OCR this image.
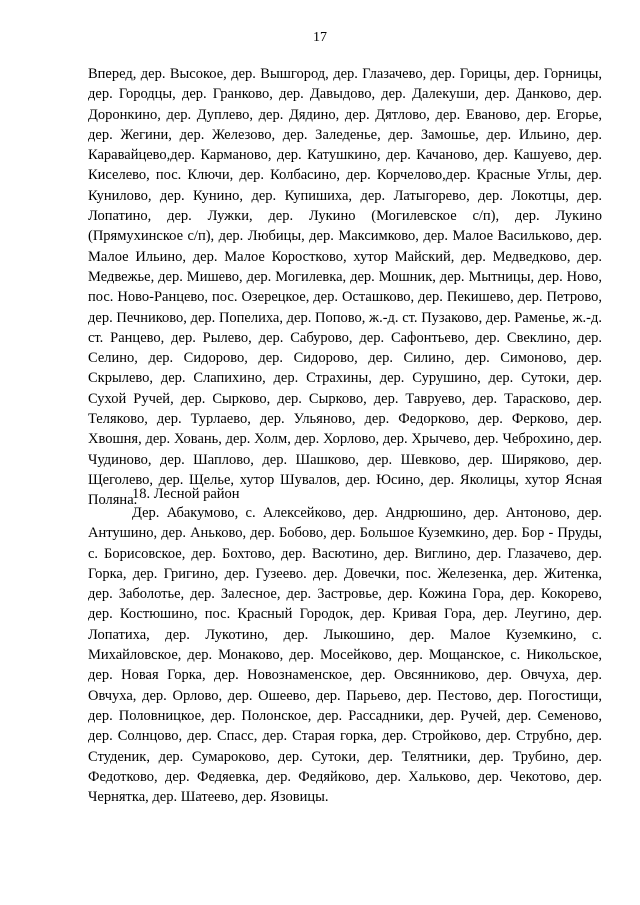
17

Вперед, дер. Высокое, дер. Вышгород, дер. Глазачево, дер. Горицы, дер. Горницы, дер. Городцы, дер. Гранково, дер. Давыдово, дер. Далекуши, дер. Данково, дер. Доронкино, дер. Дуплево, дер. Дядино, дер. Дятлово, дер. Еваново, дер. Егорье, дер. Жегини, дер. Железово, дер. Заледенье, дер. Замошье, дер. Ильино, дер. Каравайцево,дер. Карманово, дер. Катушкино, дер. Качаново, дер. Кашуево, дер. Киселево, пос. Ключи, дер. Колбасино, дер. Корчелово,дер. Красные Углы, дер. Кунилово, дер. Кунино, дер. Купишиха, дер. Латыгорево, дер. Локотцы, дер. Лопатино, дер. Лужки, дер. Лукино (Могилевское с/п), дер. Лукино (Прямухинское с/п), дер. Любицы, дер. Максимково, дер. Малое Васильково, дер. Малое Ильино, дер. Малое Коростково, хутор Майский, дер. Медведково, дер. Медвежье, дер. Мишево, дер. Могилевка, дер. Мошник, дер. Мытницы, дер. Ново, пос. Ново-Ранцево, пос. Озерецкое, дер. Осташково, дер. Пекишево, дер. Петрово, дер. Печниково, дер. Попелиха, дер. Попово, ж.-д. ст. Пузаково, дер. Раменье, ж.-д. ст. Ранцево, дер. Рылево, дер. Сабурово, дер. Сафонтьево, дер. Свеклино, дер. Селино, дер. Сидорово, дер. Сидорово, дер. Силино, дер. Симоново, дер. Скрылево, дер. Слапихино, дер. Страхины, дер. Сурушино, дер. Сутоки, дер. Сухой Ручей, дер. Сырково, дер. Сырково, дер. Тавруево, дер. Тарасково, дер. Теляково, дер. Турлаево, дер. Ульяново, дер. Федорково, дер. Ферково, дер. Хвошня, дер. Ховань, дер. Холм, дер. Хорлово, дер. Хрычево, дер. Чеброхино, дер. Чудиново, дер. Шаплово, дер. Шашково, дер. Шевково, дер. Ширяково, дер. Щеголево, дер. Щелье, хутор Шувалов, дер. Юсино, дер. Яколицы, хутор Ясная Поляна.

18. Лесной район

Дер. Абакумово, с. Алексейково, дер. Андрюшино, дер. Антоново, дер. Антушино, дер. Аньково, дер. Бобово, дер. Большое Куземкино, дер. Бор - Пруды, с. Борисовское, дер. Бохтово, дер. Васютино, дер. Виглино, дер. Глазачево, дер. Горка, дер. Григино, дер. Гузеево. дер. Довечки, пос. Железенка, дер. Житенка, дер. Заболотье, дер. Залесное, дер. Застровье, дер. Кожина Гора, дер. Кокорево, дер. Костюшино, пос. Красный Городок, дер. Кривая Гора, дер. Леугино, дер. Лопатиха, дер. Лукотино, дер. Лыкошино, дер. Малое Куземкино, с. Михайловское, дер. Монаково, дер. Мосейково, дер. Мощанское, с. Никольское, дер. Новая Горка, дер. Новознаменское, дер. Овсянниково, дер. Овчуха, дер. Овчуха, дер. Орлово, дер. Ошеево, дер. Парьево, дер. Пестово, дер. Погостищи, дер. Половницкое, дер. Полонское, дер. Рассадники, дер. Ручей, дер. Семеново, дер. Солнцово, дер. Спасс, дер. Старая горка, дер. Стройково, дер. Струбно, дер. Студеник, дер. Сумароково, дер. Сутоки, дер. Телятники, дер. Трубино, дер. Федотково, дер. Федяевка, дер. Федяйково, дер. Хальково, дер. Чекотово, дер. Чернятка, дер. Шатеево, дер. Язовицы.
